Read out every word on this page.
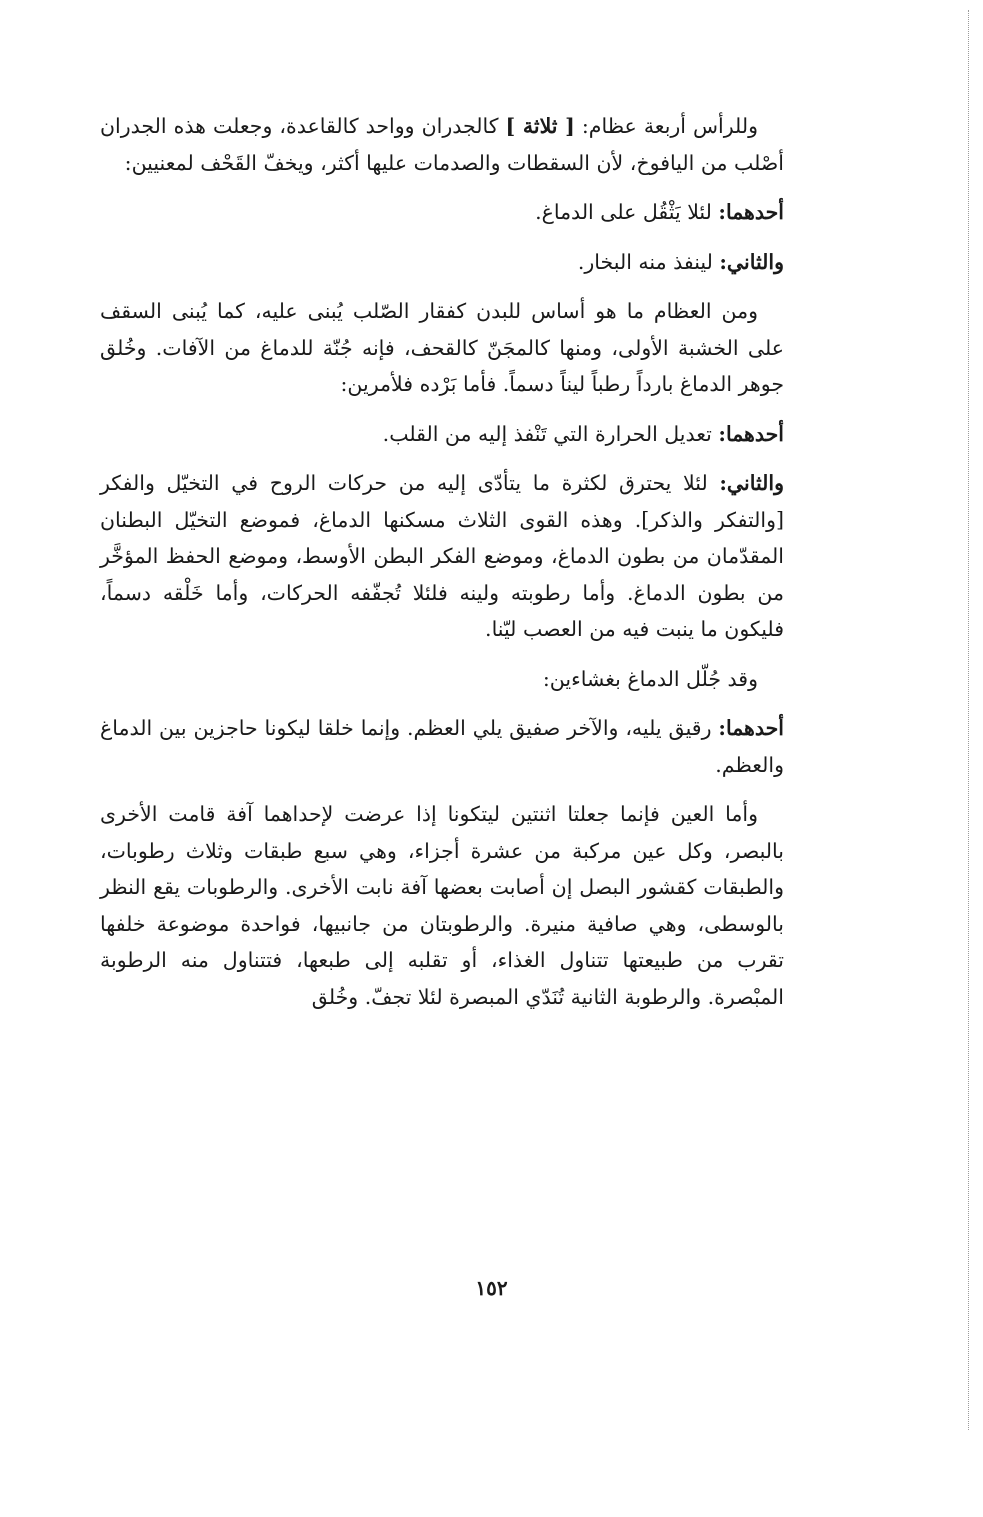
وللرأس أربعة عظام: [ ثلاثة ] كالجدران وواحد كالقاعدة، وجعلت هذه الجدران أصْلب من اليافوخ، لأن السقطات والصدمات عليها أكثر، ويخفّ القَحْف لمعنيين:

أحدهما: لئلا يَثْقُل على الدماغ.

والثاني: لينفذ منه البخار.

ومن العظام ما هو أساس للبدن كفقار الصّلب يُبنى عليه، كما يُبنى السقف على الخشبة الأولى، ومنها كالمجَنّ كالقحف، فإنه جُنّة للدماغ من الآفات. وخُلق جوهر الدماغ بارداً رطباً ليناً دسماً. فأما بَرْده فلأمرين:

أحدهما: تعديل الحرارة التي تَنْفذ إليه من القلب.

والثاني: لئلا يحترق لكثرة ما يتأدّى إليه من حركات الروح في التخيّل والفكر [والتفكر والذكر]. وهذه القوى الثلاث مسكنها الدماغ، فموضع التخيّل البطنان المقدّمان من بطون الدماغ، وموضع الفكر البطن الأوسط، وموضع الحفظ المؤخَّر من بطون الدماغ. وأما رطوبته ولينه فلئلا تُجفّفه الحركات، وأما خَلْقه دسماً، فليكون ما ينبت فيه من العصب ليّنا.

وقد جُلّل الدماغ بغشاءين:

أحدهما: رقيق يليه، والآخر صفيق يلي العظم. وإنما خلقا ليكونا حاجزين بين الدماغ والعظم.

وأما العين فإنما جعلتا اثنتين ليتكونا إذا عرضت لإحداهما آفة قامت الأخرى بالبصر، وكل عين مركبة من عشرة أجزاء، وهي سبع طبقات وثلاث رطوبات، والطبقات كقشور البصل إن أصابت بعضها آفة نابت الأخرى. والرطوبات يقع النظر بالوسطى، وهي صافية منيرة. والرطوبتان من جانبيها، فواحدة موضوعة خلفها تقرب من طبيعتها تتناول الغذاء، أو تقلبه إلى طبعها، فتتناول منه الرطوبة المبْصرة. والرطوبة الثانية تُنَدّي المبصرة لئلا تجفّ. وخُلق

١٥٢
